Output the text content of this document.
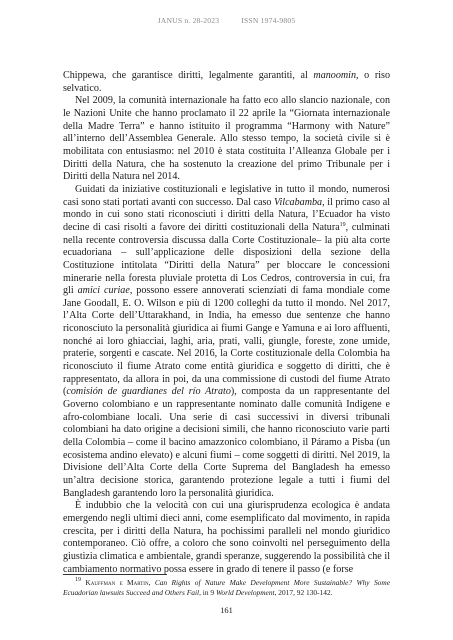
JANUS n. 28-2023	ISSN 1974-9805

Chippewa, che garantisce diritti, legalmente garantiti, al manoomin, o riso selvatico.

Nel 2009, la comunità internazionale ha fatto eco allo slancio nazionale, con le Nazioni Unite che hanno proclamato il 22 aprile la “Giornata internazionale della Madre Terra” e hanno istituito il programma “Harmony with Nature” all’interno dell’Assemblea Generale. Allo stesso tempo, la società civile si è mobilitata con entusiasmo: nel 2010 è stata costituita l’Alleanza Globale per i Diritti della Natura, che ha sostenuto la creazione del primo Tribunale per i Diritti della Natura nel 2014.

Guidati da iniziative costituzionali e legislative in tutto il mondo, numerosi casi sono stati portati avanti con successo. Dal caso Vilcabamba, il primo caso al mondo in cui sono stati riconosciuti i diritti della Natura, l’Ecuador ha visto decine di casi risolti a favore dei diritti costituzionali della Natura$^{19}$, culminati nella recente controversia discussa dalla Corte Costituzionale– la più alta corte ecuadoriana – sull’applicazione delle disposizioni della sezione della Costituzione intitolata “Diritti della Natura” per bloccare le concessioni minerarie nella foresta pluviale protetta di Los Cedros, controversia in cui, fra gli amici curiae, possono essere annoverati scienziati di fama mondiale come Jane Goodall, E. O. Wilson e più di 1200 colleghi da tutto il mondo. Nel 2017, l’Alta Corte dell’Uttarakhand, in India, ha emesso due sentenze che hanno riconosciuto la personalità giuridica ai fiumi Gange e Yamuna e ai loro affluenti, nonché ai loro ghiacciai, laghi, aria, prati, valli, giungle, foreste, zone umide, praterie, sorgenti e cascate. Nel 2016, la Corte costituzionale della Colombia ha riconosciuto il fiume Atrato come entità giuridica e soggetto di diritti, che è rappresentato, da allora in poi, da una commissione di custodi del fiume Atrato (comisión de guardianes del río Atrato), composta da un rappresentante del Governo colombiano e un rappresentante nominato dalle comunità Indigene e afro-colombiane locali. Una serie di casi successivi in diversi tribunali colombiani ha dato origine a decisioni simili, che hanno riconosciuto varie parti della Colombia – come il bacino amazzonico colombiano, il Páramo a Pisba (un ecosistema andino elevato) e alcuni fiumi – come soggetti di diritti. Nel 2019, la Divisione dell’Alta Corte della Corte Suprema del Bangladesh ha emesso un’altra decisione storica, garantendo protezione legale a tutti i fiumi del Bangladesh garantendo loro la personalità giuridica.

È indubbio che la velocità con cui una giurisprudenza ecologica è andata emergendo negli ultimi dieci anni, come esemplificato dal movimento, in rapida crescita, per i diritti della Natura, ha pochissimi paralleli nel mondo giuridico contemporaneo. Ciò offre, a coloro che sono coinvolti nel perseguimento della giustizia climatica e ambientale, grandi speranze, suggerendo la possibilità che il cambiamento normativo possa essere in grado di tenere il passo (e forse

$^{19}$ Kauffman e Martin, Can Rights of Nature Make Development More Sustainable? Why Some Ecuadorian lawsuits Succeed and Others Fail, in 9 World Development, 2017, 92 130-142.
161
